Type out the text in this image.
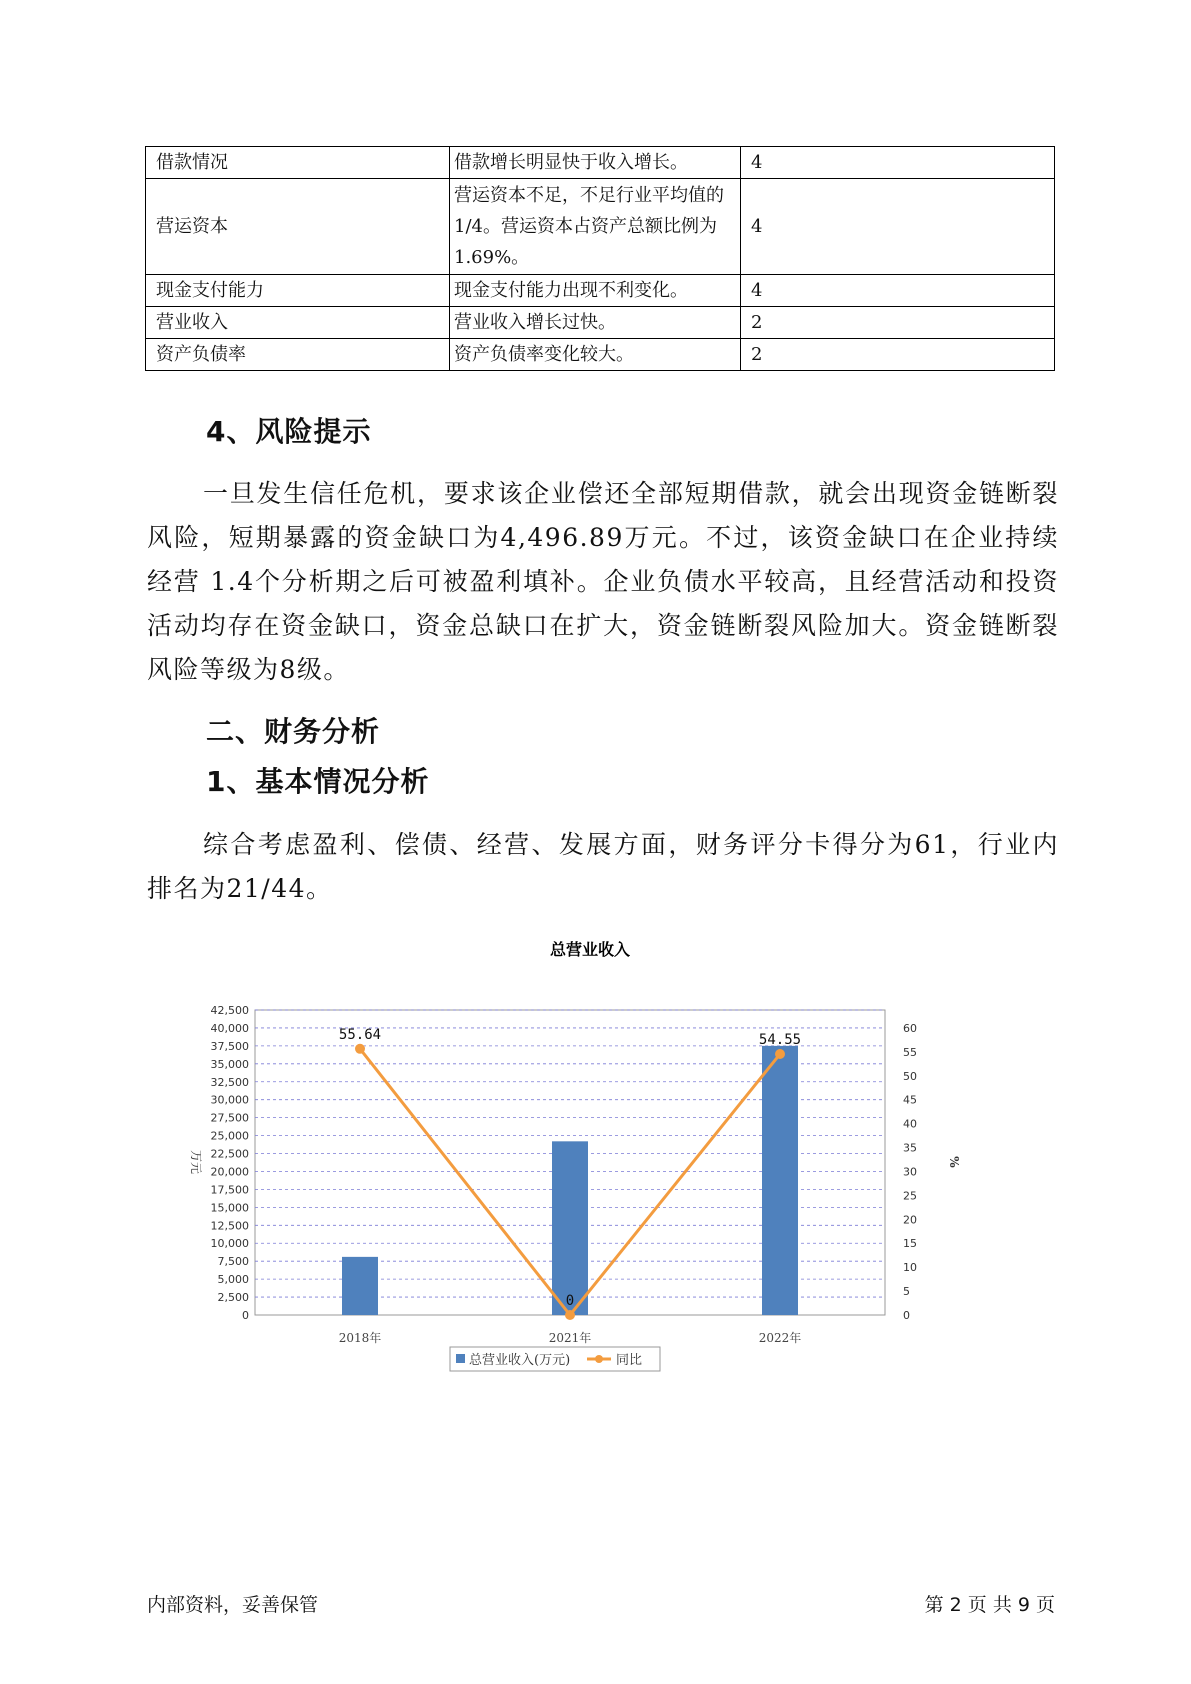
借款情况	借款增长明显快于收入增长。	4
营运资本	营运资本不足，不足行业平均值的1/4。营运资本占资产总额比例为1.69%。	4
现金支付能力	现金支付能力出现不利变化。	4
营业收入	营业收入增长过快。	2
资产负债率	资产负债率变化较大。	2
4、风险提示
一旦发生信任危机，要求该企业偿还全部短期借款，就会出现资金链断裂风险，短期暴露的资金缺口为4,496.89万元。不过，该资金缺口在企业持续经营 1.4个分析期之后可被盈利填补。企业负债水平较高，且经营活动和投资活动均存在资金缺口，资金总缺口在扩大，资金链断裂风险加大。资金链断裂风险等级为8级。
二、财务分析
1、基本情况分析
综合考虑盈利、偿债、经营、发展方面，财务评分卡得分为61，行业内排名为21/44。
总营业收入
0
2,500
5,000
7,500
10,000
12,500
15,000
17,500
20,000
22,500
25,000
27,500
30,000
32,500
35,000
37,500
40,000
42,500
0
5
10
15
20
25
30
35
40
45
50
55
60
万元	%
2018年	2021年	2022年
55.64
0
54.55
总营业收入(万元)	同比
内部资料，妥善保管	第 2 页 共 9 页
